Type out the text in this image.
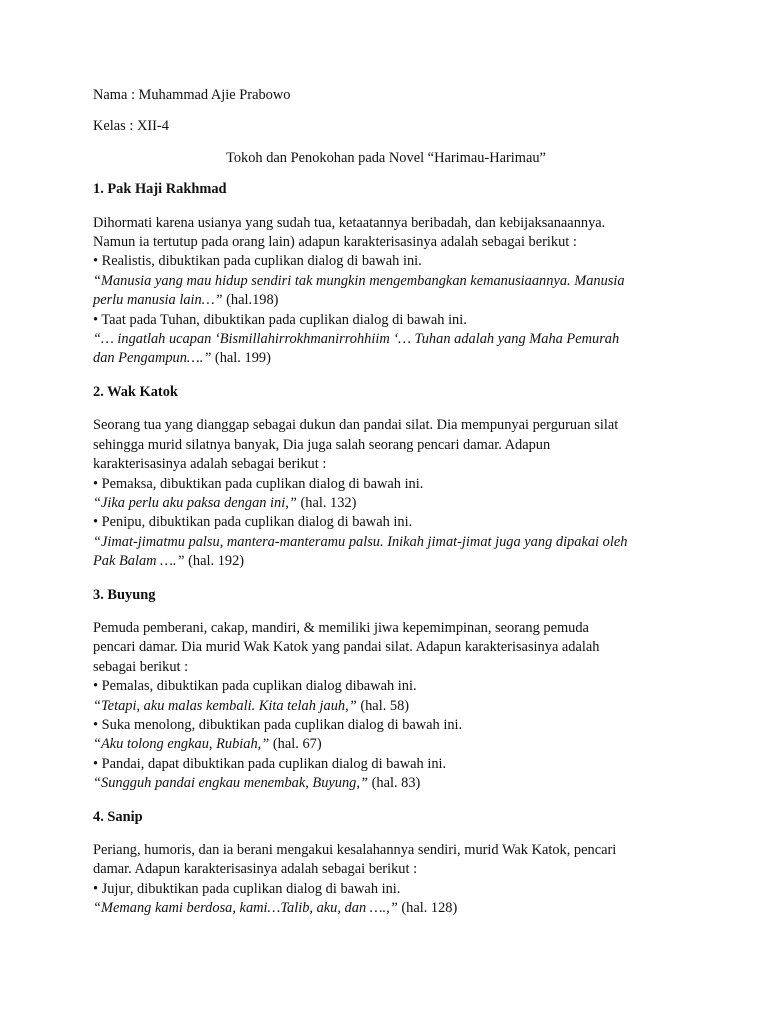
Nama : Muhammad Ajie Prabowo
Kelas : XII-4
Tokoh dan Penokohan pada Novel “Harimau-Harimau”
1. Pak Haji Rakhmad
Dihormati karena usianya yang sudah tua, ketaatannya beribadah, dan kebijaksanaannya.
Namun ia tertutup pada orang lain) adapun karakterisasinya adalah sebagai berikut :
• Realistis, dibuktikan pada cuplikan dialog di bawah ini.
“Manusia yang mau hidup sendiri tak mungkin mengembangkan kemanusiaannya. Manusia
perlu manusia lain…” (hal.198)
• Taat pada Tuhan, dibuktikan pada cuplikan dialog di bawah ini.
“… ingatlah ucapan ‘Bismillahirrokhmanirrohhiim ‘… Tuhan adalah yang Maha Pemurah
dan Pengampun….” (hal. 199)
2. Wak Katok
Seorang tua yang dianggap sebagai dukun dan pandai silat. Dia mempunyai perguruan silat
sehingga murid silatnya banyak, Dia juga salah seorang pencari damar. Adapun
karakterisasinya adalah sebagai berikut :
• Pemaksa, dibuktikan pada cuplikan dialog di bawah ini.
“Jika perlu aku paksa dengan ini,” (hal. 132)
• Penipu, dibuktikan pada cuplikan dialog di bawah ini.
“Jimat-jimatmu palsu, mantera-manteramu palsu. Inikah jimat-jimat juga yang dipakai oleh
Pak Balam ….” (hal. 192)
3. Buyung
Pemuda pemberani, cakap, mandiri, & memiliki jiwa kepemimpinan, seorang pemuda
pencari damar. Dia murid Wak Katok yang pandai silat. Adapun karakterisasinya adalah
sebagai berikut :
• Pemalas, dibuktikan pada cuplikan dialog dibawah ini.
“Tetapi, aku malas kembali. Kita telah jauh,” (hal. 58)
• Suka menolong, dibuktikan pada cuplikan dialog di bawah ini.
“Aku tolong engkau, Rubiah,” (hal. 67)
• Pandai, dapat dibuktikan pada cuplikan dialog di bawah ini.
“Sungguh pandai engkau menembak, Buyung,” (hal. 83)
4. Sanip
Periang, humoris, dan ia berani mengakui kesalahannya sendiri, murid Wak Katok, pencari
damar. Adapun karakterisasinya adalah sebagai berikut :
• Jujur, dibuktikan pada cuplikan dialog di bawah ini.
“Memang kami berdosa, kami…Talib, aku, dan ….,” (hal. 128)
